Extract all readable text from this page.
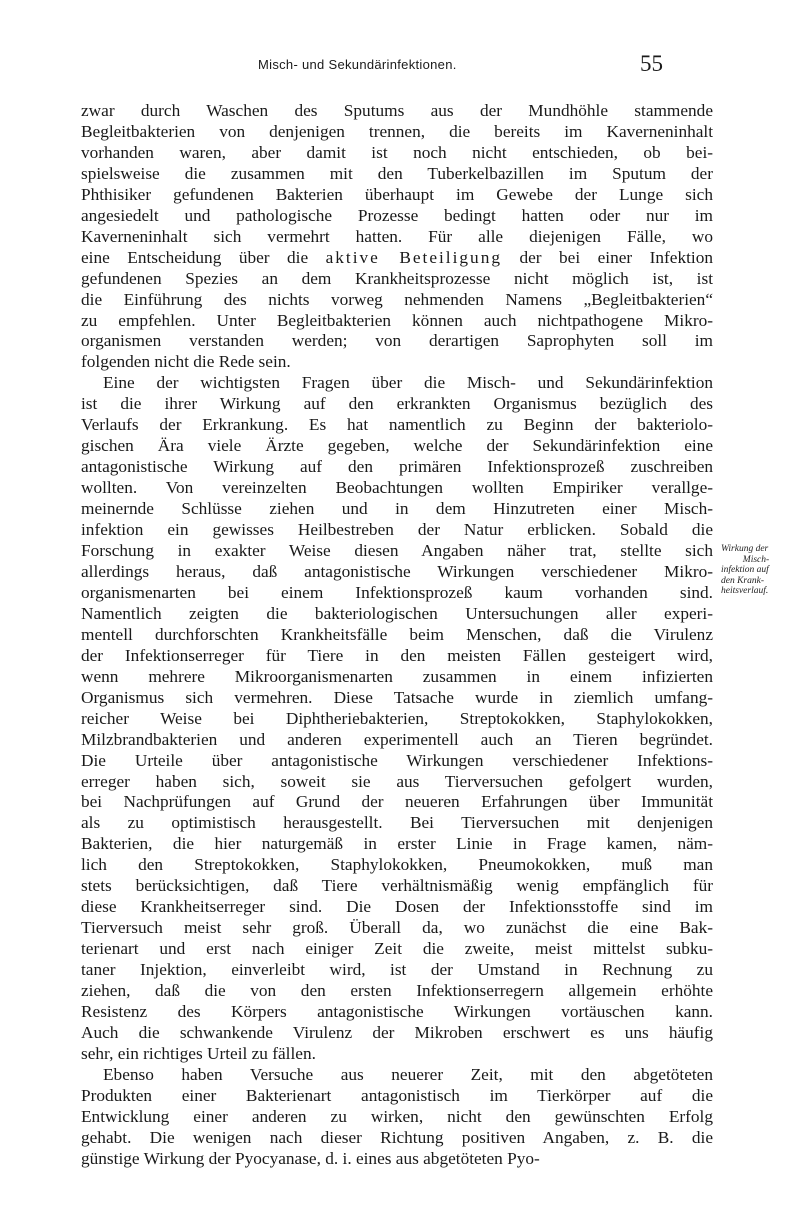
Misch- und Sekundärinfektionen.	55

zwar durch Waschen des Sputums aus der Mundhöhle stammende

Begleitbakterien von denjenigen trennen, die bereits im Kaverneninhalt

vorhanden waren, aber damit ist noch nicht entschieden, ob bei-

spielsweise die zusammen mit den Tuberkelbazillen im Sputum der

Phthisiker gefundenen Bakterien überhaupt im Gewebe der Lunge sich

angesiedelt und pathologische Prozesse bedingt hatten oder nur im

Kaverneninhalt sich vermehrt hatten. Für alle diejenigen Fälle, wo

eine Entscheidung über die aktive Beteiligung der bei einer Infektion

gefundenen Spezies an dem Krankheitsprozesse nicht möglich ist, ist

die Einführung des nichts vorweg nehmenden Namens „Begleitbakterien“

zu empfehlen. Unter Begleitbakterien können auch nichtpathogene Mikro-

organismen verstanden werden; von derartigen Saprophyten soll im

folgenden nicht die Rede sein.

Eine der wichtigsten Fragen über die Misch- und Sekundärinfektion

ist die ihrer Wirkung auf den erkrankten Organismus bezüglich des

Verlaufs der Erkrankung. Es hat namentlich zu Beginn der bakteriolo-

gischen Ära viele Ärzte gegeben, welche der Sekundärinfektion eine

antagonistische Wirkung auf den primären Infektionsprozeß zuschreiben

wollten. Von vereinzelten Beobachtungen wollten Empiriker verallge-

meinernde Schlüsse ziehen und in dem Hinzutreten einer Misch-

infektion ein gewisses Heilbestreben der Natur erblicken. Sobald die

Forschung in exakter Weise diesen Angaben näher trat, stellte sich

allerdings heraus, daß antagonistische Wirkungen verschiedener Mikro-

organismenarten bei einem Infektionsprozeß kaum vorhanden sind.

Namentlich zeigten die bakteriologischen Untersuchungen aller experi-

mentell durchforschten Krankheitsfälle beim Menschen, daß die Virulenz

der Infektionserreger für Tiere in den meisten Fällen gesteigert wird,

wenn mehrere Mikroorganismenarten zusammen in einem infizierten

Organismus sich vermehren. Diese Tatsache wurde in ziemlich umfang-

reicher Weise bei Diphtheriebakterien, Streptokokken, Staphylokokken,

Milzbrandbakterien und anderen experimentell auch an Tieren begründet.

Die Urteile über antagonistische Wirkungen verschiedener Infektions-

erreger haben sich, soweit sie aus Tierversuchen gefolgert wurden,

bei Nachprüfungen auf Grund der neueren Erfahrungen über Immunität

als zu optimistisch herausgestellt. Bei Tierversuchen mit denjenigen

Bakterien, die hier naturgemäß in erster Linie in Frage kamen, näm-

lich den Streptokokken, Staphylokokken, Pneumokokken, muß man

stets berücksichtigen, daß Tiere verhältnismäßig wenig empfänglich für

diese Krankheitserreger sind. Die Dosen der Infektionsstoffe sind im

Tierversuch meist sehr groß. Überall da, wo zunächst die eine Bak-

terienart und erst nach einiger Zeit die zweite, meist mittelst subku-

taner Injektion, einverleibt wird, ist der Umstand in Rechnung zu

ziehen, daß die von den ersten Infektionserregern allgemein erhöhte

Resistenz des Körpers antagonistische Wirkungen vortäuschen kann.

Auch die schwankende Virulenz der Mikroben erschwert es uns häufig

sehr, ein richtiges Urteil zu fällen.

Ebenso haben Versuche aus neuerer Zeit, mit den abgetöteten

Produkten einer Bakterienart antagonistisch im Tierkörper auf die

Entwicklung einer anderen zu wirken, nicht den gewünschten Erfolg

gehabt. Die wenigen nach dieser Richtung positiven Angaben, z. B. die

günstige Wirkung der Pyocyanase, d. i. eines aus abgetöteten Pyo-

Wirkung der
Misch-
infektion auf
den Krank-
heitsverlauf.
